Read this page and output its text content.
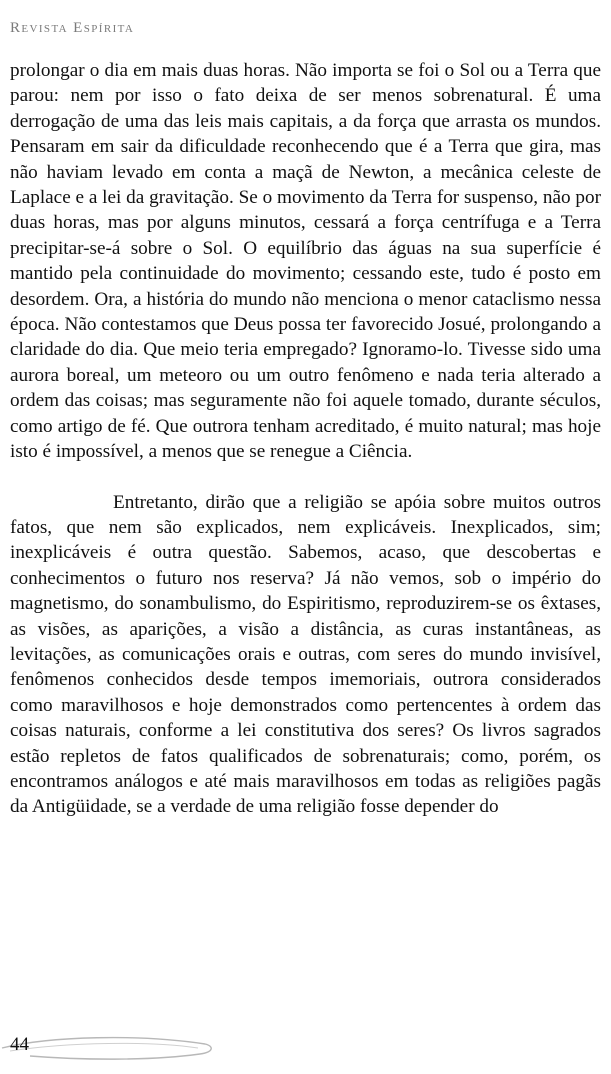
Revista Espírita

prolongar o dia em mais duas horas. Não importa se foi o Sol ou a Terra que parou: nem por isso o fato deixa de ser menos sobrenatural. É uma derrogação de uma das leis mais capitais, a da força que arrasta os mundos. Pensaram em sair da dificuldade reconhecendo que é a Terra que gira, mas não haviam levado em conta a maçã de Newton, a mecânica celeste de Laplace e a lei da gravitação. Se o movimento da Terra for suspenso, não por duas horas, mas por alguns minutos, cessará a força centrífuga e a Terra precipitar-se-á sobre o Sol. O equilíbrio das águas na sua superfície é mantido pela continuidade do movimento; cessando este, tudo é posto em desordem. Ora, a história do mundo não menciona o menor cataclismo nessa época. Não contestamos que Deus possa ter favorecido Josué, prolongando a claridade do dia. Que meio teria empregado? Ignoramo-lo. Tivesse sido uma aurora boreal, um meteoro ou um outro fenômeno e nada teria alterado a ordem das coisas; mas seguramente não foi aquele tomado, durante séculos, como artigo de fé. Que outrora tenham acreditado, é muito natural; mas hoje isto é impossível, a menos que se renegue a Ciência.

Entretanto, dirão que a religião se apóia sobre muitos outros fatos, que nem são explicados, nem explicáveis. Inexplicados, sim; inexplicáveis é outra questão. Sabemos, acaso, que descobertas e conhecimentos o futuro nos reserva? Já não vemos, sob o império do magnetismo, do sonambulismo, do Espiritismo, reproduzirem-se os êxtases, as visões, as aparições, a visão a distância, as curas instantâneas, as levitações, as comunicações orais e outras, com seres do mundo invisível, fenômenos conhecidos desde tempos imemoriais, outrora considerados como maravilhosos e hoje demonstrados como pertencentes à ordem das coisas naturais, conforme a lei constitutiva dos seres? Os livros sagrados estão repletos de fatos qualificados de sobrenaturais; como, porém, os encontramos análogos e até mais maravilhosos em todas as religiões pagãs da Antigüidade, se a verdade de uma religião fosse depender do

44
